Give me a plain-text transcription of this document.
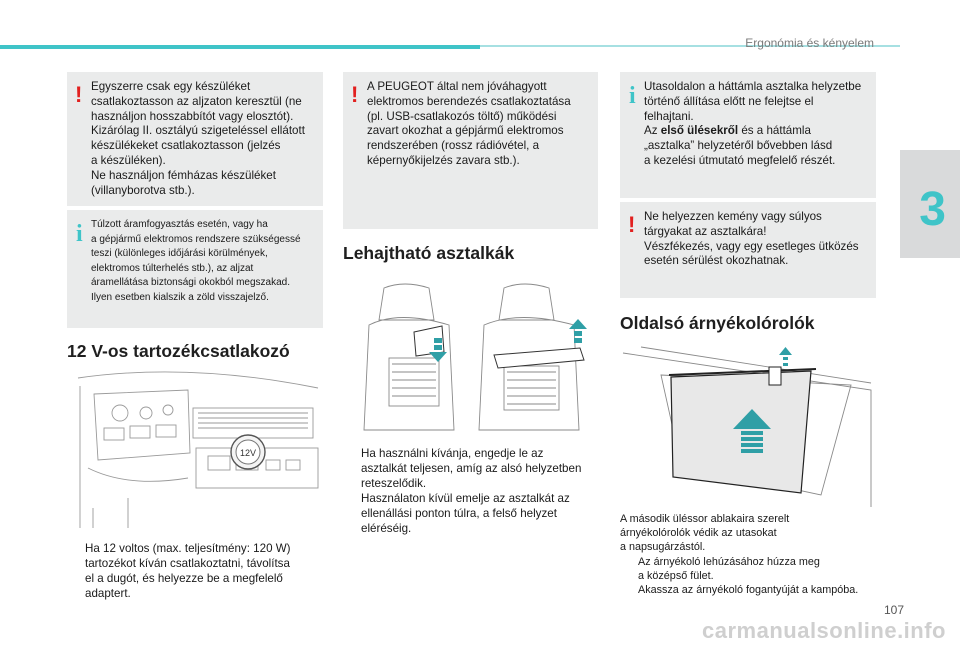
Ergonómia és kényelem
3
! Egyszerre csak egy készüléket
csatlakoztasson az aljzaton keresztül (ne
használjon hosszabbítót vagy elosztót).
Kizárólag II. osztályú szigeteléssel ellátott
készülékeket csatlakoztasson (jelzés
a készüléken).
Ne használjon fémházas készüléket
(villanyborotva stb.).
i Túlzott áramfogyasztás esetén, vagy ha
a gépjármű elektromos rendszere szükségessé
teszi (különleges időjárási körülmények,
elektromos túlterhelés stb.), az aljzat
áramellátása biztonsági okokból megszakad.
Ilyen esetben kialszik a zöld visszajelző.
12 V-os tartozékcsatlakozó
12V
Ha 12 voltos (max. teljesítmény: 120 W)
tartozékot kíván csatlakoztatni, távolítsa
el a dugót, és helyezze be a megfelelő
adaptert.
! A PEUGEOT által nem jóváhagyott
elektromos berendezés csatlakoztatása
(pl. USB-csatlakozós töltő) működési
zavart okozhat a gépjármű elektromos
rendszerében (rossz rádióvétel, a
képernyőkijelzés zavara stb.).
Lehajtható asztalkák
Ha használni kívánja, engedje le az
asztalkát teljesen, amíg az alsó helyzetben
reteszelődik.
Használaton kívül emelje az asztalkát az
ellenállási ponton túlra, a felső helyzet
eléréséig.
i Utasoldalon a háttámla asztalka helyzetbe
történő állítása előtt ne felejtse el
felhajtani.
Az első ülésekről és a háttámla
„asztalka” helyzetéről bővebben lásd
a kezelési útmutató megfelelő részét.
! Ne helyezzen kemény vagy súlyos
tárgyakat az asztalkára!
Vészfékezés, vagy egy esetleges ütközés
esetén sérülést okozhatnak.
Oldalsó árnyékolórolók
A második üléssor ablakaira szerelt
árnyékolórolók védik az utasokat
a napsugárzástól.
Az árnyékoló lehúzásához húzza meg
a középső fület.
Akassza az árnyékoló fogantyúját a kampóba.
107
carmanualsonline.info
